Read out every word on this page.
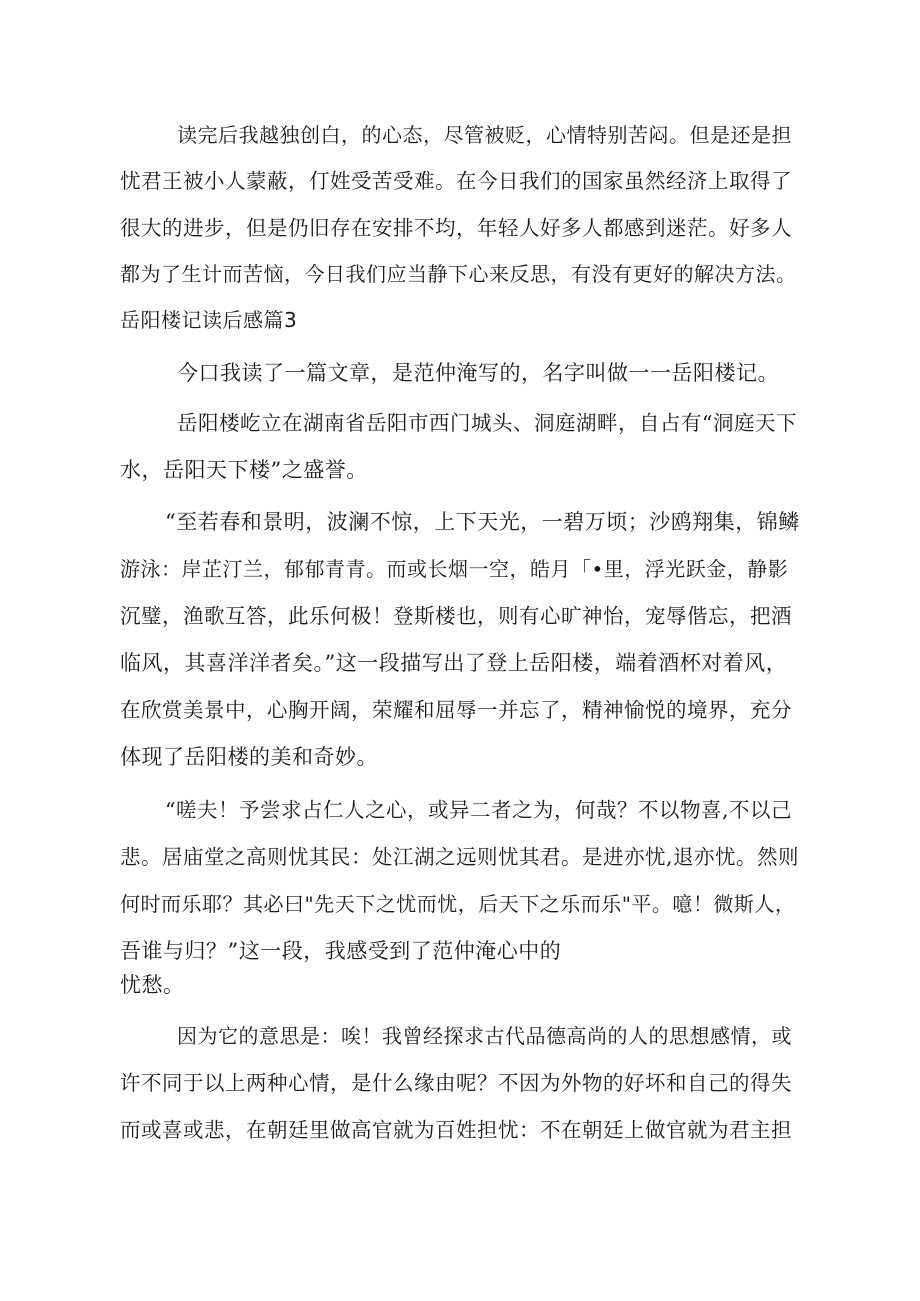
读完后我越独创白，的心态，尽管被贬，心情特别苦闷。但是还是担
忧君王被小人蒙蔽，仃姓受苦受难。在今日我们的国家虽然经济上取得了
很大的进步，但是仍旧存在安排不均，年轻人好多人都感到迷茫。好多人
都为了生计而苦恼，今日我们应当静下心来反思，有没有更好的解决方法。
岳阳楼记读后感篇3
今口我读了一篇文章，是范仲淹写的，名字叫做一一岳阳楼记。
岳阳楼屹立在湖南省岳阳市西门城头、洞庭湖畔，自占有“洞庭天下
水，岳阳天下楼”之盛誉。
“至若春和景明，波澜不惊，上下天光，一碧万顷；沙鸥翔集，锦鳞
游泳：岸芷汀兰，郁郁青青。而或长烟一空，皓月「•里，浮光跃金，静影
沉璧，渔歌互答，此乐何极！登斯楼也，则有心旷神怡，宠辱偕忘，把酒
临风，其喜洋洋者矣。”这一段描写出了登上岳阳楼，端着酒杯对着风，
在欣赏美景中，心胸开阔，荣耀和屈辱一并忘了，精神愉悦的境界，充分
体现了岳阳楼的美和奇妙。
“嗟夫！予尝求占仁人之心，或异二者之为，何哉？不以物喜,不以己
悲。居庙堂之高则忧其民：处江湖之远则忧其君。是进亦忧,退亦忧。然则
何时而乐耶？其必曰"先天下之忧而忧，后天下之乐而乐"平。噫！微斯人，
吾谁与归？”这一段，我感受到了范仲淹心中的
忧愁。
因为它的意思是：唉！我曾经探求古代品德高尚的人的思想感情，或
许不同于以上两种心情，是什么缘由呢？不因为外物的好坏和自己的得失
而或喜或悲，在朝廷里做高官就为百姓担忧：不在朝廷上做官就为君主担
